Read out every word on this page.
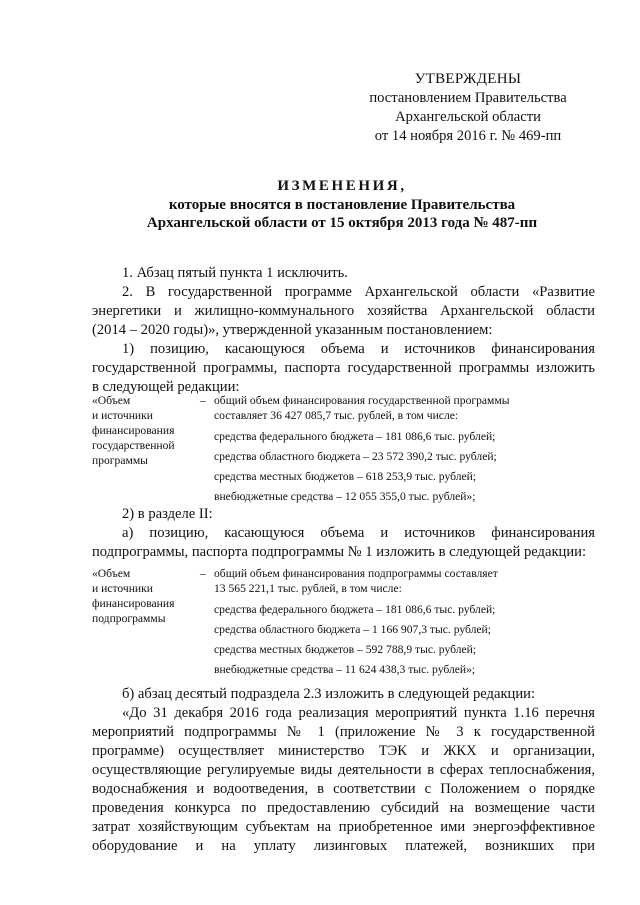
УТВЕРЖДЕНЫ
постановлением Правительства
Архангельской области
от 14 ноября 2016 г. № 469-пп
ИЗМЕНЕНИЯ,
которые вносятся в постановление Правительства
Архангельской области от 15 октября 2013 года № 487-пп
1. Абзац пятый пункта 1 исключить.
2. В государственной программе Архангельской области «Развитие
энергетики и жилищно-коммунального хозяйства Архангельской области
(2014 – 2020 годы)», утвержденной указанным постановлением:
1) позицию, касающуюся объема и источников финансирования
государственной программы, паспорта государственной программы изложить
в следующей редакции:
«Объем
и источники
финансирования
государственной
программы
– общий объем финансирования государственной программы
составляет 36 427 085,7 тыс. рублей, в том числе:
средства федерального бюджета – 181 086,6 тыс. рублей;
средства областного бюджета – 23 572 390,2 тыс. рублей;
средства местных бюджетов – 618 253,9 тыс. рублей;
внебюджетные средства – 12 055 355,0 тыс. рублей»;
2) в разделе II:
а) позицию, касающуюся объема и источников финансирования
подпрограммы, паспорта подпрограммы № 1 изложить в следующей редакции:
«Объем
и источники
финансирования
подпрограммы
– общий объем финансирования подпрограммы составляет
13 565 221,1 тыс. рублей, в том числе:
средства федерального бюджета – 181 086,6 тыс. рублей;
средства областного бюджета – 1 166 907,3 тыс. рублей;
средства местных бюджетов – 592 788,9 тыс. рублей;
внебюджетные средства – 11 624 438,3 тыс. рублей»;
б) абзац десятый подраздела 2.3 изложить в следующей редакции:
«До 31 декабря 2016 года реализация мероприятий пункта 1.16 перечня
мероприятий подпрограммы № 1 (приложение № 3 к государственной
программе) осуществляет министерство ТЭК и ЖКХ и организации,
осуществляющие регулируемые виды деятельности в сферах теплоснабжения,
водоснабжения и водоотведения, в соответствии с Положением о порядке
проведения конкурса по предоставлению субсидий на возмещение части
затрат хозяйствующим субъектам на приобретенное ими энергоэффективное
оборудование и на уплату лизинговых платежей, возникших при
